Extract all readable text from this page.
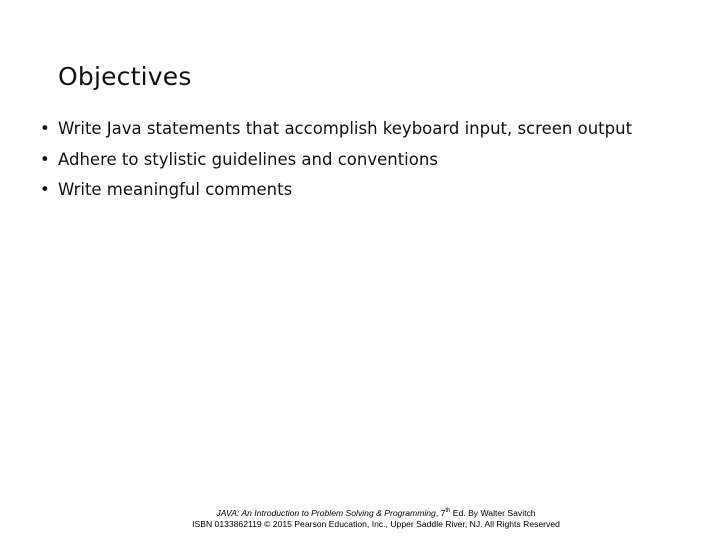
Objectives
• Write Java statements that accomplish keyboard input, screen output
• Adhere to stylistic guidelines and conventions
• Write meaningful comments
JAVA: An Introduction to Problem Solving & Programming, 7th Ed. By Walter Savitch
ISBN 0133862119 © 2015 Pearson Education, Inc., Upper Saddle River, NJ. All Rights Reserved
